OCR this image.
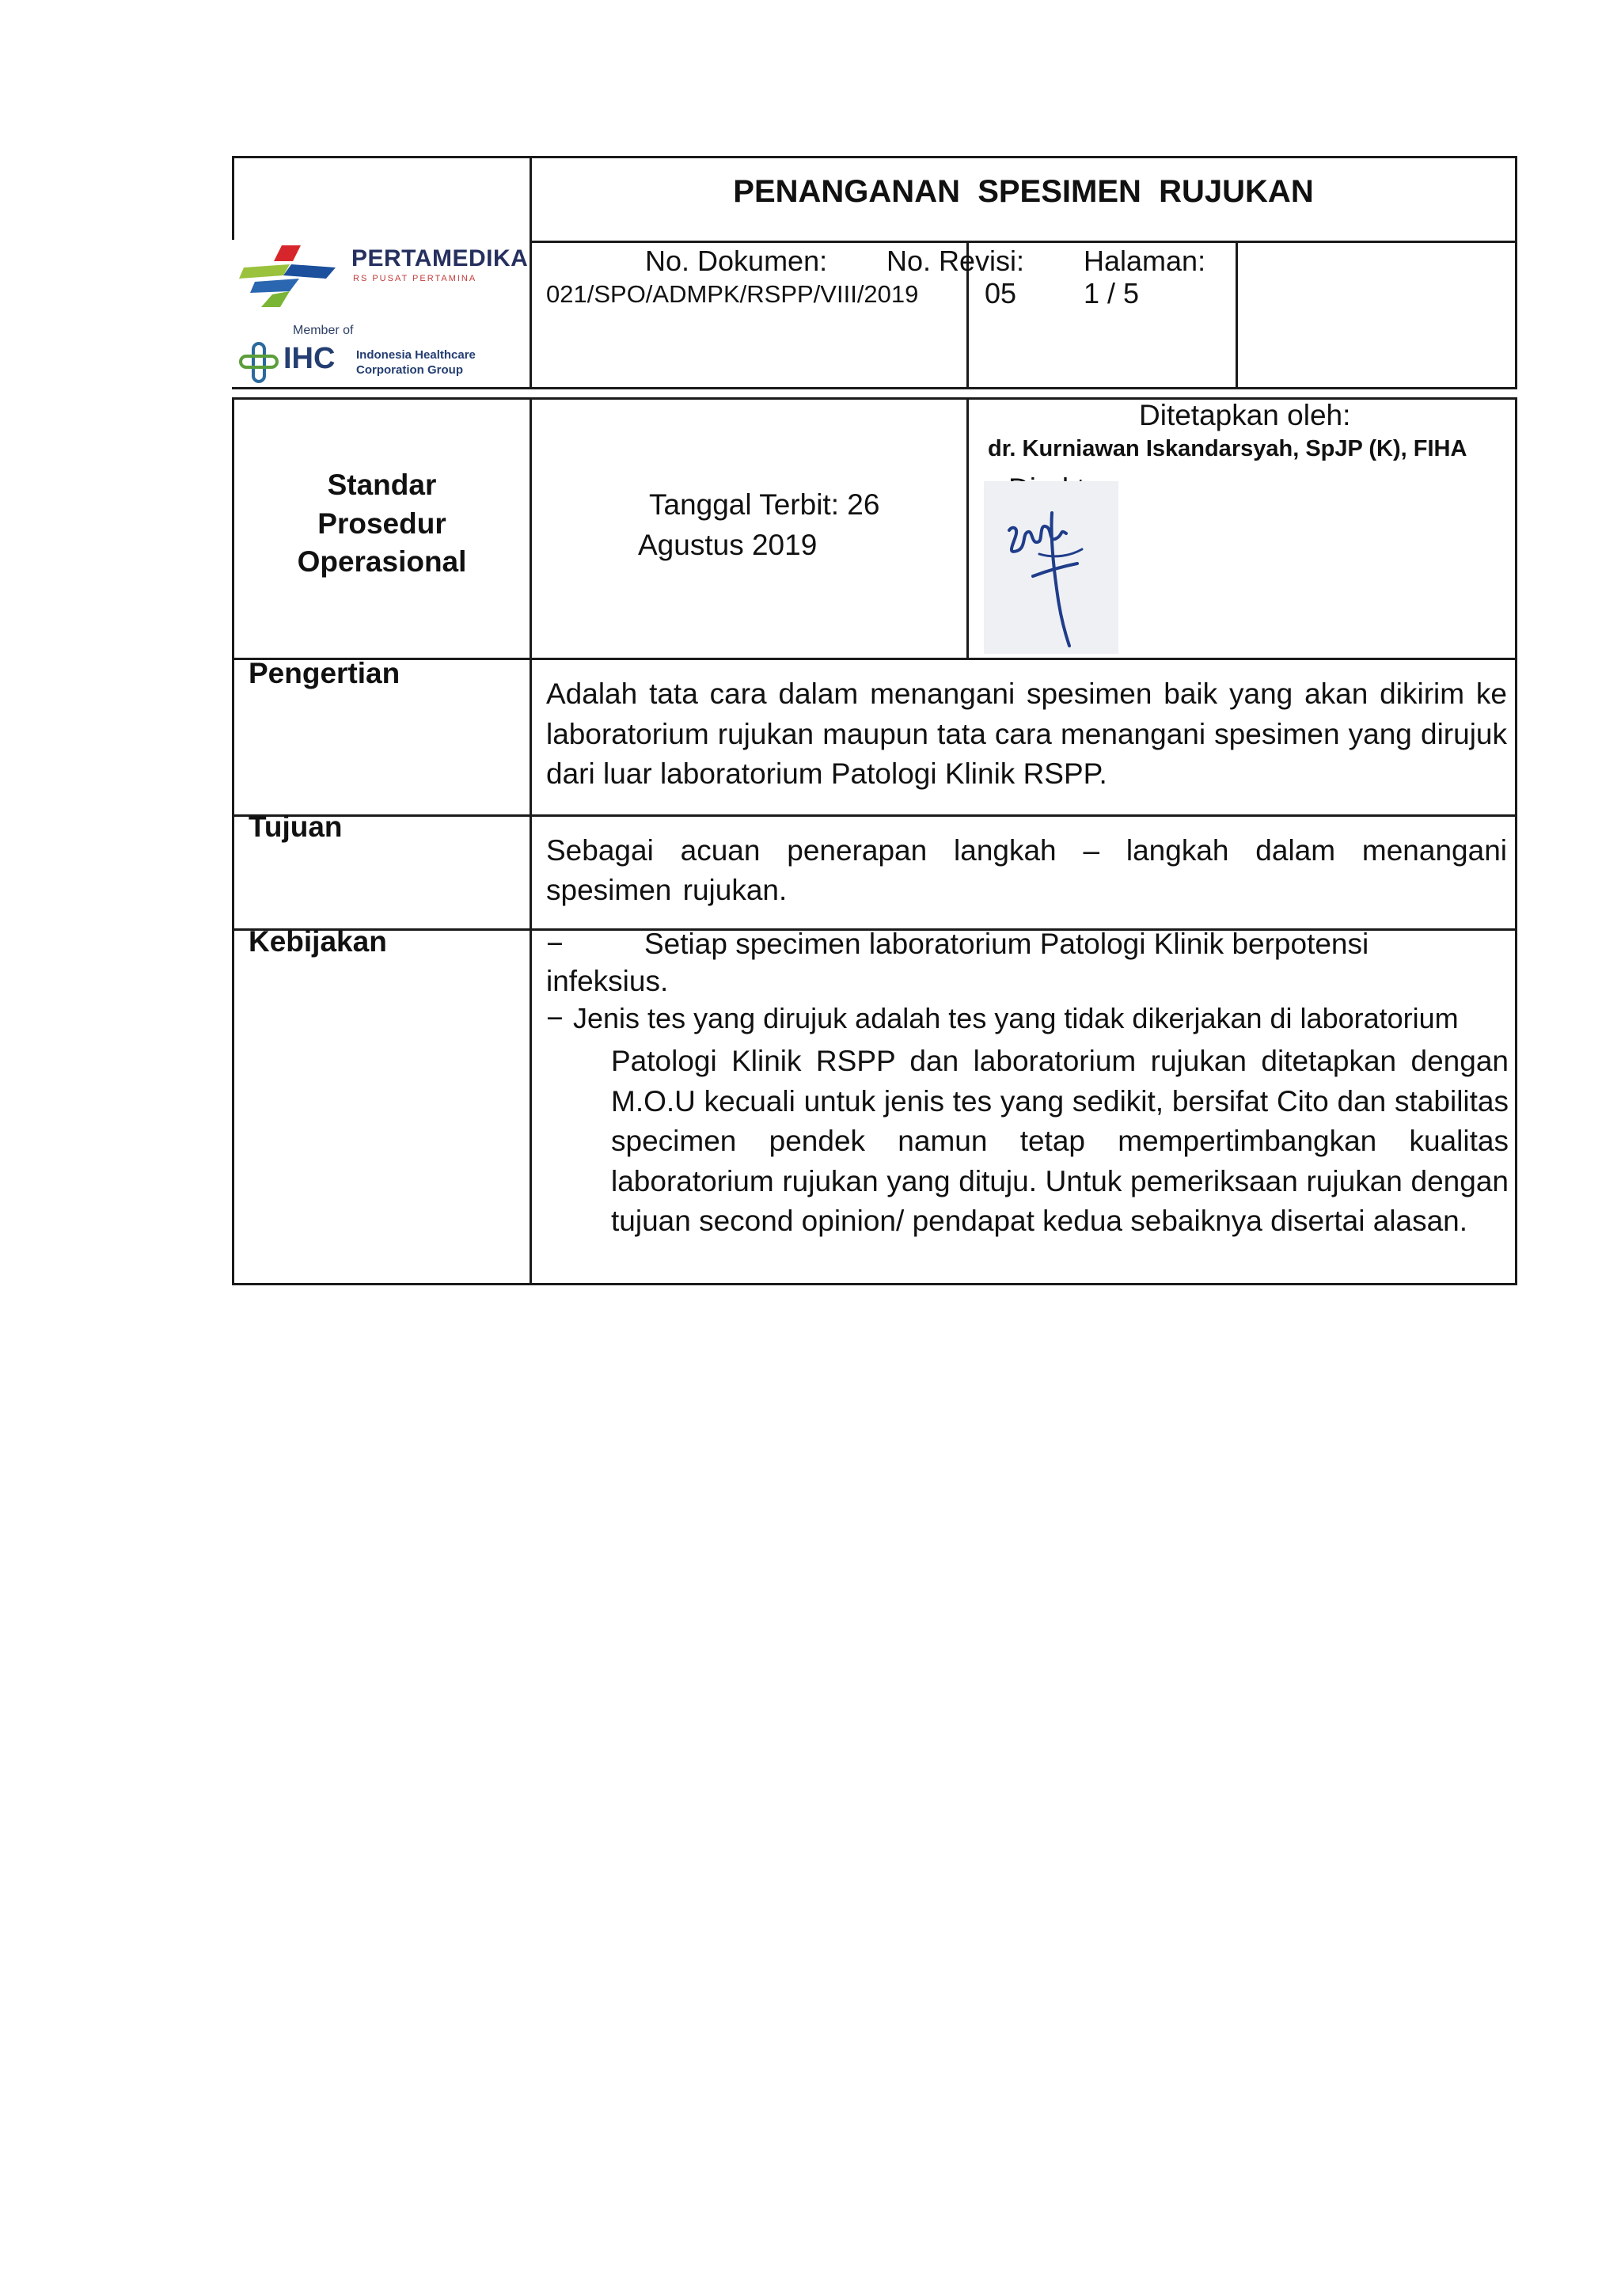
PENANGANAN  SPESIMEN  RUJUKAN
PERTAMEDIKA
RS PUSAT PERTAMINA
Member of
IHC Indonesia Healthcare
Corporation Group
No. Dokumen:
021/SPO/ADMPK/RSPP/VIII/2019
No. Revisi:
05
Halaman:
1 / 5
Standar
Prosedur
Operasional
Tanggal Terbit: 26
Agustus 2019
Ditetapkan oleh:
dr. Kurniawan Iskandarsyah, SpJP (K), FIHA
Pengertian
Adalah tata cara dalam menangani spesimen baik yang akan dikirim ke laboratorium rujukan maupun tata cara menangani spesimen yang dirujuk dari luar laboratorium Patologi Klinik RSPP.
Tujuan
Sebagai acuan penerapan langkah – langkah dalam menangani spesimen rujukan.
Kebijakan	−	Setiap specimen laboratorium Patologi Klinik berpotensi
infeksius.
− Jenis tes yang dirujuk adalah tes yang tidak dikerjakan di laboratorium
Patologi Klinik RSPP dan laboratorium rujukan ditetapkan dengan M.O.U kecuali untuk jenis tes yang sedikit, bersifat Cito dan stabilitas specimen pendek namun tetap mempertimbangkan kualitas laboratorium rujukan yang dituju. Untuk pemeriksaan rujukan dengan tujuan second opinion/ pendapat kedua sebaiknya disertai alasan.
